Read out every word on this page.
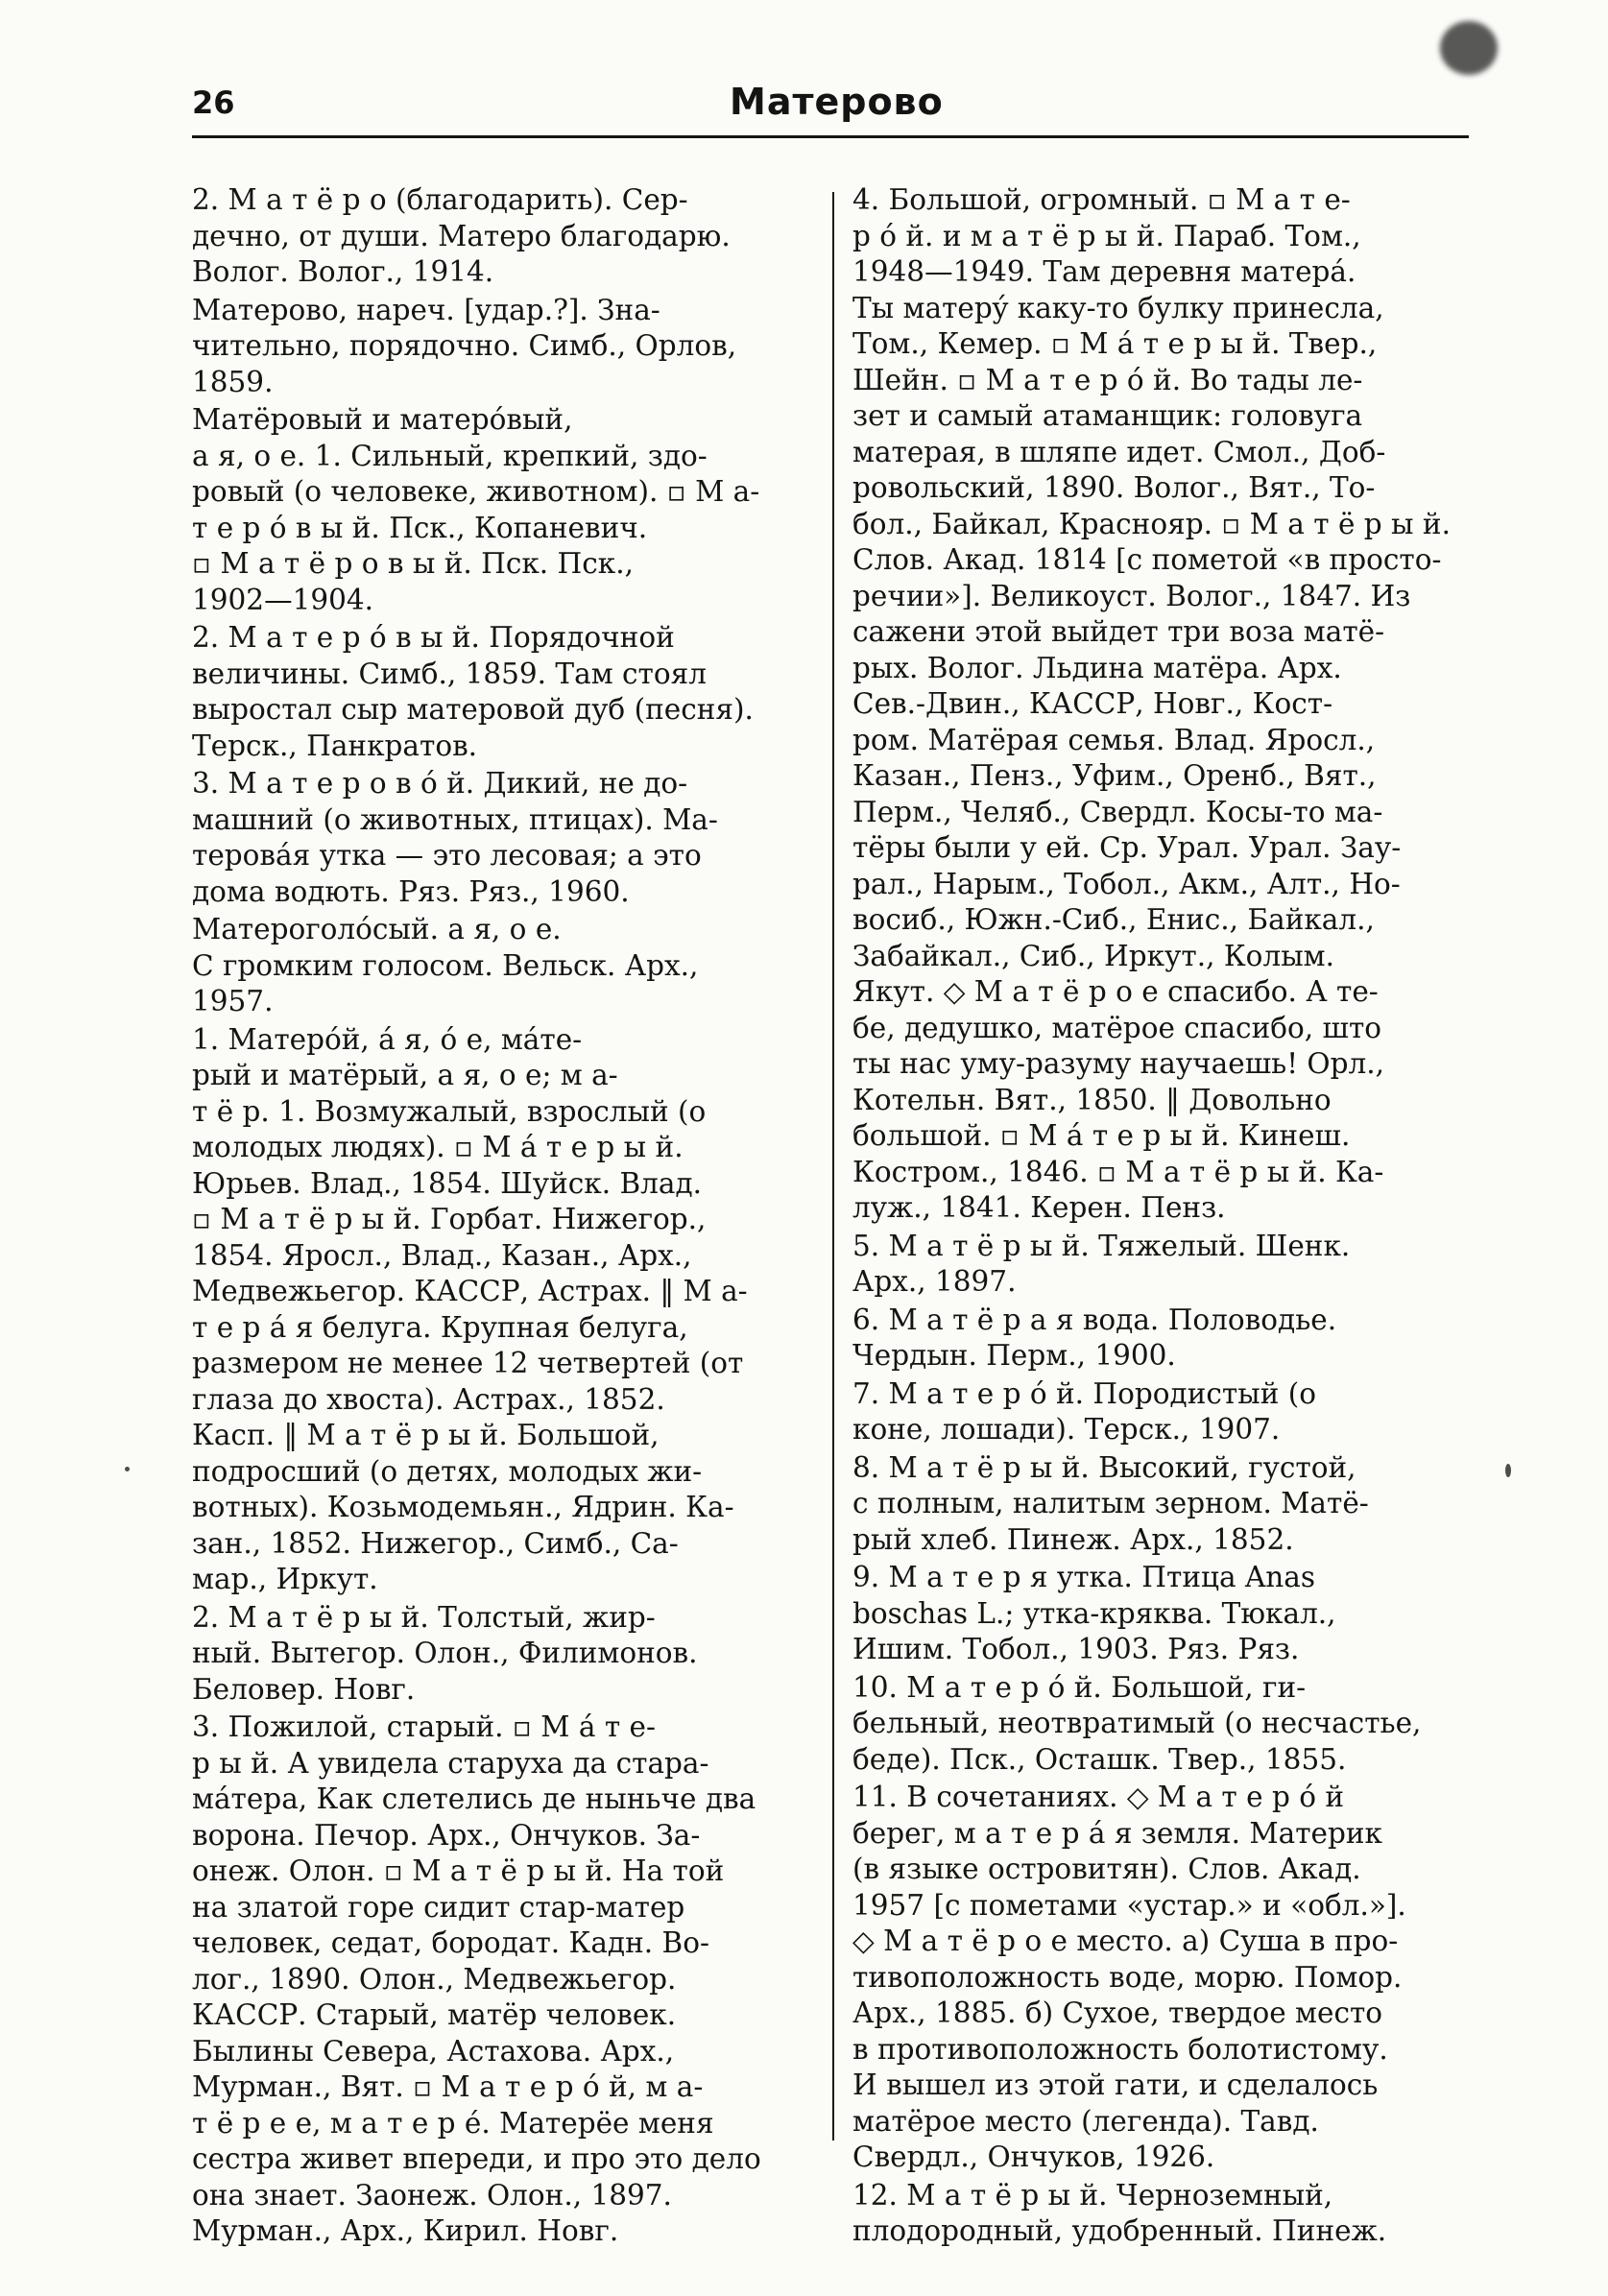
26	Матерово
2. М а т ё р о (благодарить). Сер-
дечно, от души. Матеро благодарю.
Волог. Волог., 1914.
Матерово, нареч. [удар.?]. Зна-
чительно, порядочно. Симб., Орлов,
1859.
Матёровый и матерóвый,
а я, о е. 1. Сильный, крепкий, здо-
ровый (о человеке, животном). ▫ М а-
т е р ó в ы й. Пск., Копаневич.
▫ М а т ё р о в ы й. Пск. Пск.,
1902—1904.
2. М а т е р ó в ы й. Порядочной
величины. Симб., 1859. Там стоял
выростал сыр матеровой дуб (песня).
Терск., Панкратов.
3. М а т е р о в ó й. Дикий, не до-
машний (о животных, птицах). Ма-
теровáя утка — это лесовая; а это
дома водють. Ряз. Ряз., 1960.
Матероголóсый. а я, о е.
С громким голосом. Вельск. Арх.,
1957.
1. Матерóй, á я, ó е, мáте-
рый и матёрый, а я, о е; м а-
т ё р. 1. Возмужалый, взрослый (о
молодых людях). ▫ М á т е р ы й.
Юрьев. Влад., 1854. Шуйск. Влад.
▫ М а т ё р ы й. Горбат. Нижегор.,
1854. Яросл., Влад., Казан., Арх.,
Медвежьегор. КАССР, Астрах. ‖ М а-
т е р á я белуга. Крупная белуга,
размером не менее 12 четвертей (от
глаза до хвоста). Астрах., 1852.
Касп. ‖ М а т ё р ы й. Большой,
подросший (о детях, молодых жи-
вотных). Козьмодемьян., Ядрин. Ка-
зан., 1852. Нижегор., Симб., Са-
мар., Иркут.
2. М а т ё р ы й. Толстый, жир-
ный. Вытегор. Олон., Филимонов.
Беловер. Новг.
3. Пожилой, старый. ▫ М á т е-
р ы й. А увидела старуха да стара-
мáтера, Как слетелись де ныньче два
ворона. Печор. Арх., Ончуков. За-
онеж. Олон. ▫ М а т ё р ы й. На той
на злaтой горе сидит стар-матер
человек, седат, бородат. Кадн. Во-
лог., 1890. Олон., Медвежьегор.
КАССР. Старый, матёр человек.
Былины Севера, Астахова. Арх.,
Мурман., Вят. ▫ М а т е р ó й, м а-
т ё р е е, м а т е р é. Матерёе меня
сестра живет впереди, и про это дело
она знает. Заонеж. Олон., 1897.
Мурман., Арх., Кирил. Новг.
4. Большой, огромный. ▫ М а т е-
р ó й. и м а т ё р ы й. Параб. Том.,
1948—1949. Там деревня матерá.
Ты матерý каку-то булку принесла,
Том., Кемер. ▫ М á т е р ы й. Твер.,
Шейн. ▫ М а т е р ó й. Во тады ле-
зет и самый атаманщик: головуга
матерая, в шляпе идет. Смол., Доб-
ровольский, 1890. Волог., Вят., То-
бол., Байкал, Краснояр. ▫ М а т ё р ы й.
Слов. Акад. 1814 [с пометой «в просто-
речии»]. Великоуст. Волог., 1847. Из
сажени этой выйдет три воза матё-
рых. Волог. Льдина матёра. Арх.
Сев.-Двин., КАССР, Новг., Кост-
ром. Матёрая семья. Влад. Яросл.,
Казан., Пенз., Уфим., Оренб., Вят.,
Перм., Челяб., Свердл. Косы-то ма-
тёры были у ей. Ср. Урал. Урал. Зау-
рал., Нарым., Тобол., Акм., Алт., Но-
восиб., Южн.-Сиб., Енис., Байкал.,
Забайкал., Сиб., Иркут., Колым.
Якут. ◇ М а т ё р о е спасибо. А те-
бе, дедушко, матёрое спасибо, што
ты нас уму-разуму научаешь! Орл.,
Котельн. Вят., 1850. ‖ Довольно
большой. ▫ М á т е р ы й. Кинеш.
Костром., 1846. ▫ М а т ё р ы й. Ка-
луж., 1841. Керен. Пенз.
5. М а т ё р ы й. Тяжелый. Шенк.
Арх., 1897.
6. М а т ё р а я вода. Половодье.
Чердын. Перм., 1900.
7. М а т е р ó й. Породистый (о
коне, лошади). Терск., 1907.
8. М а т ё р ы й. Высокий, густой,
с полным, налитым зерном. Матё-
рый хлеб. Пинеж. Арх., 1852.
9. М а т е р я утка. Птица Anas
boschas L.; утка-кряква. Тюкал.,
Ишим. Тобол., 1903. Ряз. Ряз.
10. М а т е р ó й. Большой, ги-
бельный, неотвратимый (о несчастье,
беде). Пск., Осташк. Твер., 1855.
11. В сочетаниях. ◇ М а т е р ó й
берег, м а т е р á я земля. Материк
(в языке островитян). Слов. Акад.
1957 [с пометами «устар.» и «обл.»].
◇ М а т ё р о е место. а) Суша в про-
тивоположность воде, морю. Помор.
Арх., 1885. б) Сухое, твердое место
в противоположность болотистому.
И вышел из этой гати, и сделалось
матёрое место (легенда). Тавд.
Свердл., Ончуков, 1926.
12. М а т ё р ы й. Черноземный,
плодородный, удобренный. Пинеж.
